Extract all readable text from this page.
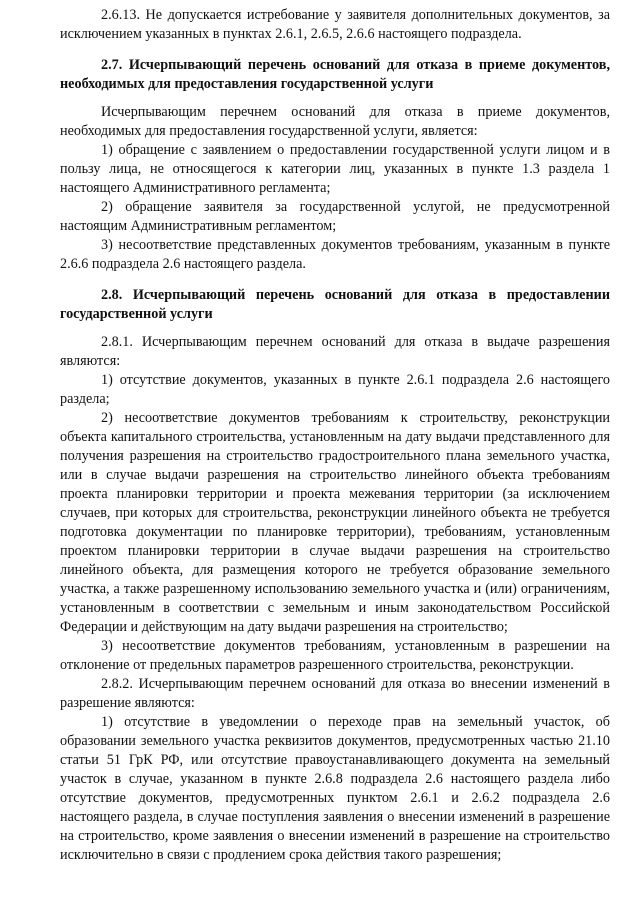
2.6.13. Не допускается истребование у заявителя дополнительных документов, за исключением указанных в пунктах 2.6.1, 2.6.5, 2.6.6 настоящего подраздела.

2.7. Исчерпывающий перечень оснований для отказа в приеме документов, необходимых для предоставления государственной услуги

Исчерпывающим перечнем оснований для отказа в приеме документов, необходимых для предоставления государственной услуги, является:

1) обращение с заявлением о предоставлении государственной услуги лицом и в пользу лица, не относящегося к категории лиц, указанных в пункте 1.3 раздела 1 настоящего Административного регламента;

2) обращение заявителя за государственной услугой, не предусмотренной настоящим Административным регламентом;

3) несоответствие представленных документов требованиям, указанным в пункте 2.6.6 подраздела 2.6 настоящего раздела.

2.8. Исчерпывающий перечень оснований для отказа в предоставлении государственной услуги

2.8.1. Исчерпывающим перечнем оснований для отказа в выдаче разрешения являются:

1) отсутствие документов, указанных в пункте 2.6.1 подраздела 2.6 настоящего раздела;

2) несоответствие документов требованиям к строительству, реконструкции объекта капитального строительства, установленным на дату выдачи представленного для получения разрешения на строительство градостроительного плана земельного участка, или в случае выдачи разрешения на строительство линейного объекта требованиям проекта планировки территории и проекта межевания территории (за исключением случаев, при которых для строительства, реконструкции линейного объекта не требуется подготовка документации по планировке территории), требованиям, установленным проектом планировки территории в случае выдачи разрешения на строительство линейного объекта, для размещения которого не требуется образование земельного участка, а также разрешенному использованию земельного участка и (или) ограничениям, установленным в соответствии с земельным и иным законодательством Российской Федерации и действующим на дату выдачи разрешения на строительство;

3) несоответствие документов требованиям, установленным в разрешении на отклонение от предельных параметров разрешенного строительства, реконструкции.

2.8.2. Исчерпывающим перечнем оснований для отказа во внесении изменений в разрешение являются:

1) отсутствие в уведомлении о переходе прав на земельный участок, об образовании земельного участка реквизитов документов, предусмотренных частью 21.10 статьи 51 ГрК РФ, или отсутствие правоустанавливающего документа на земельный участок в случае, указанном в пункте 2.6.8 подраздела 2.6 настоящего раздела либо отсутствие документов, предусмотренных пунктом 2.6.1 и 2.6.2 подраздела 2.6 настоящего раздела, в случае поступления заявления о внесении изменений в разрешение на строительство, кроме заявления о внесении изменений в разрешение на строительство исключительно в связи с продлением срока действия такого разрешения;
